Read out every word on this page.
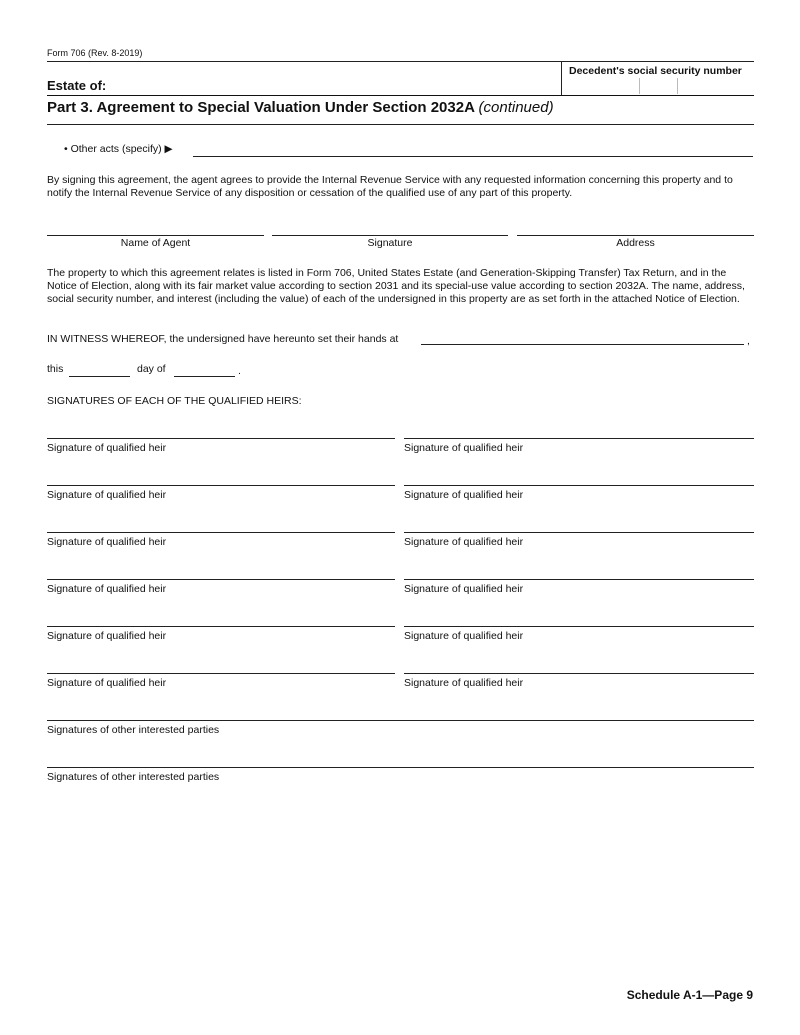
Form 706 (Rev. 8-2019)
Estate of:
Decedent's social security number
Part 3. Agreement to Special Valuation Under Section 2032A (continued)
• Other acts (specify) ▶
By signing this agreement, the agent agrees to provide the Internal Revenue Service with any requested information concerning this property and to notify the Internal Revenue Service of any disposition or cessation of the qualified use of any part of this property.
Name of Agent	Signature	Address
The property to which this agreement relates is listed in Form 706, United States Estate (and Generation-Skipping Transfer) Tax Return, and in the Notice of Election, along with its fair market value according to section 2031 and its special-use value according to section 2032A. The name, address, social security number, and interest (including the value) of each of the undersigned in this property are as set forth in the attached Notice of Election.
IN WITNESS WHEREOF, the undersigned have hereunto set their hands at	,
this	day of	.
SIGNATURES OF EACH OF THE QUALIFIED HEIRS:
Signature of qualified heir	Signature of qualified heir
Signature of qualified heir	Signature of qualified heir
Signature of qualified heir	Signature of qualified heir
Signature of qualified heir	Signature of qualified heir
Signature of qualified heir	Signature of qualified heir
Signature of qualified heir	Signature of qualified heir
Signatures of other interested parties
Signatures of other interested parties
Schedule A-1—Page 9
